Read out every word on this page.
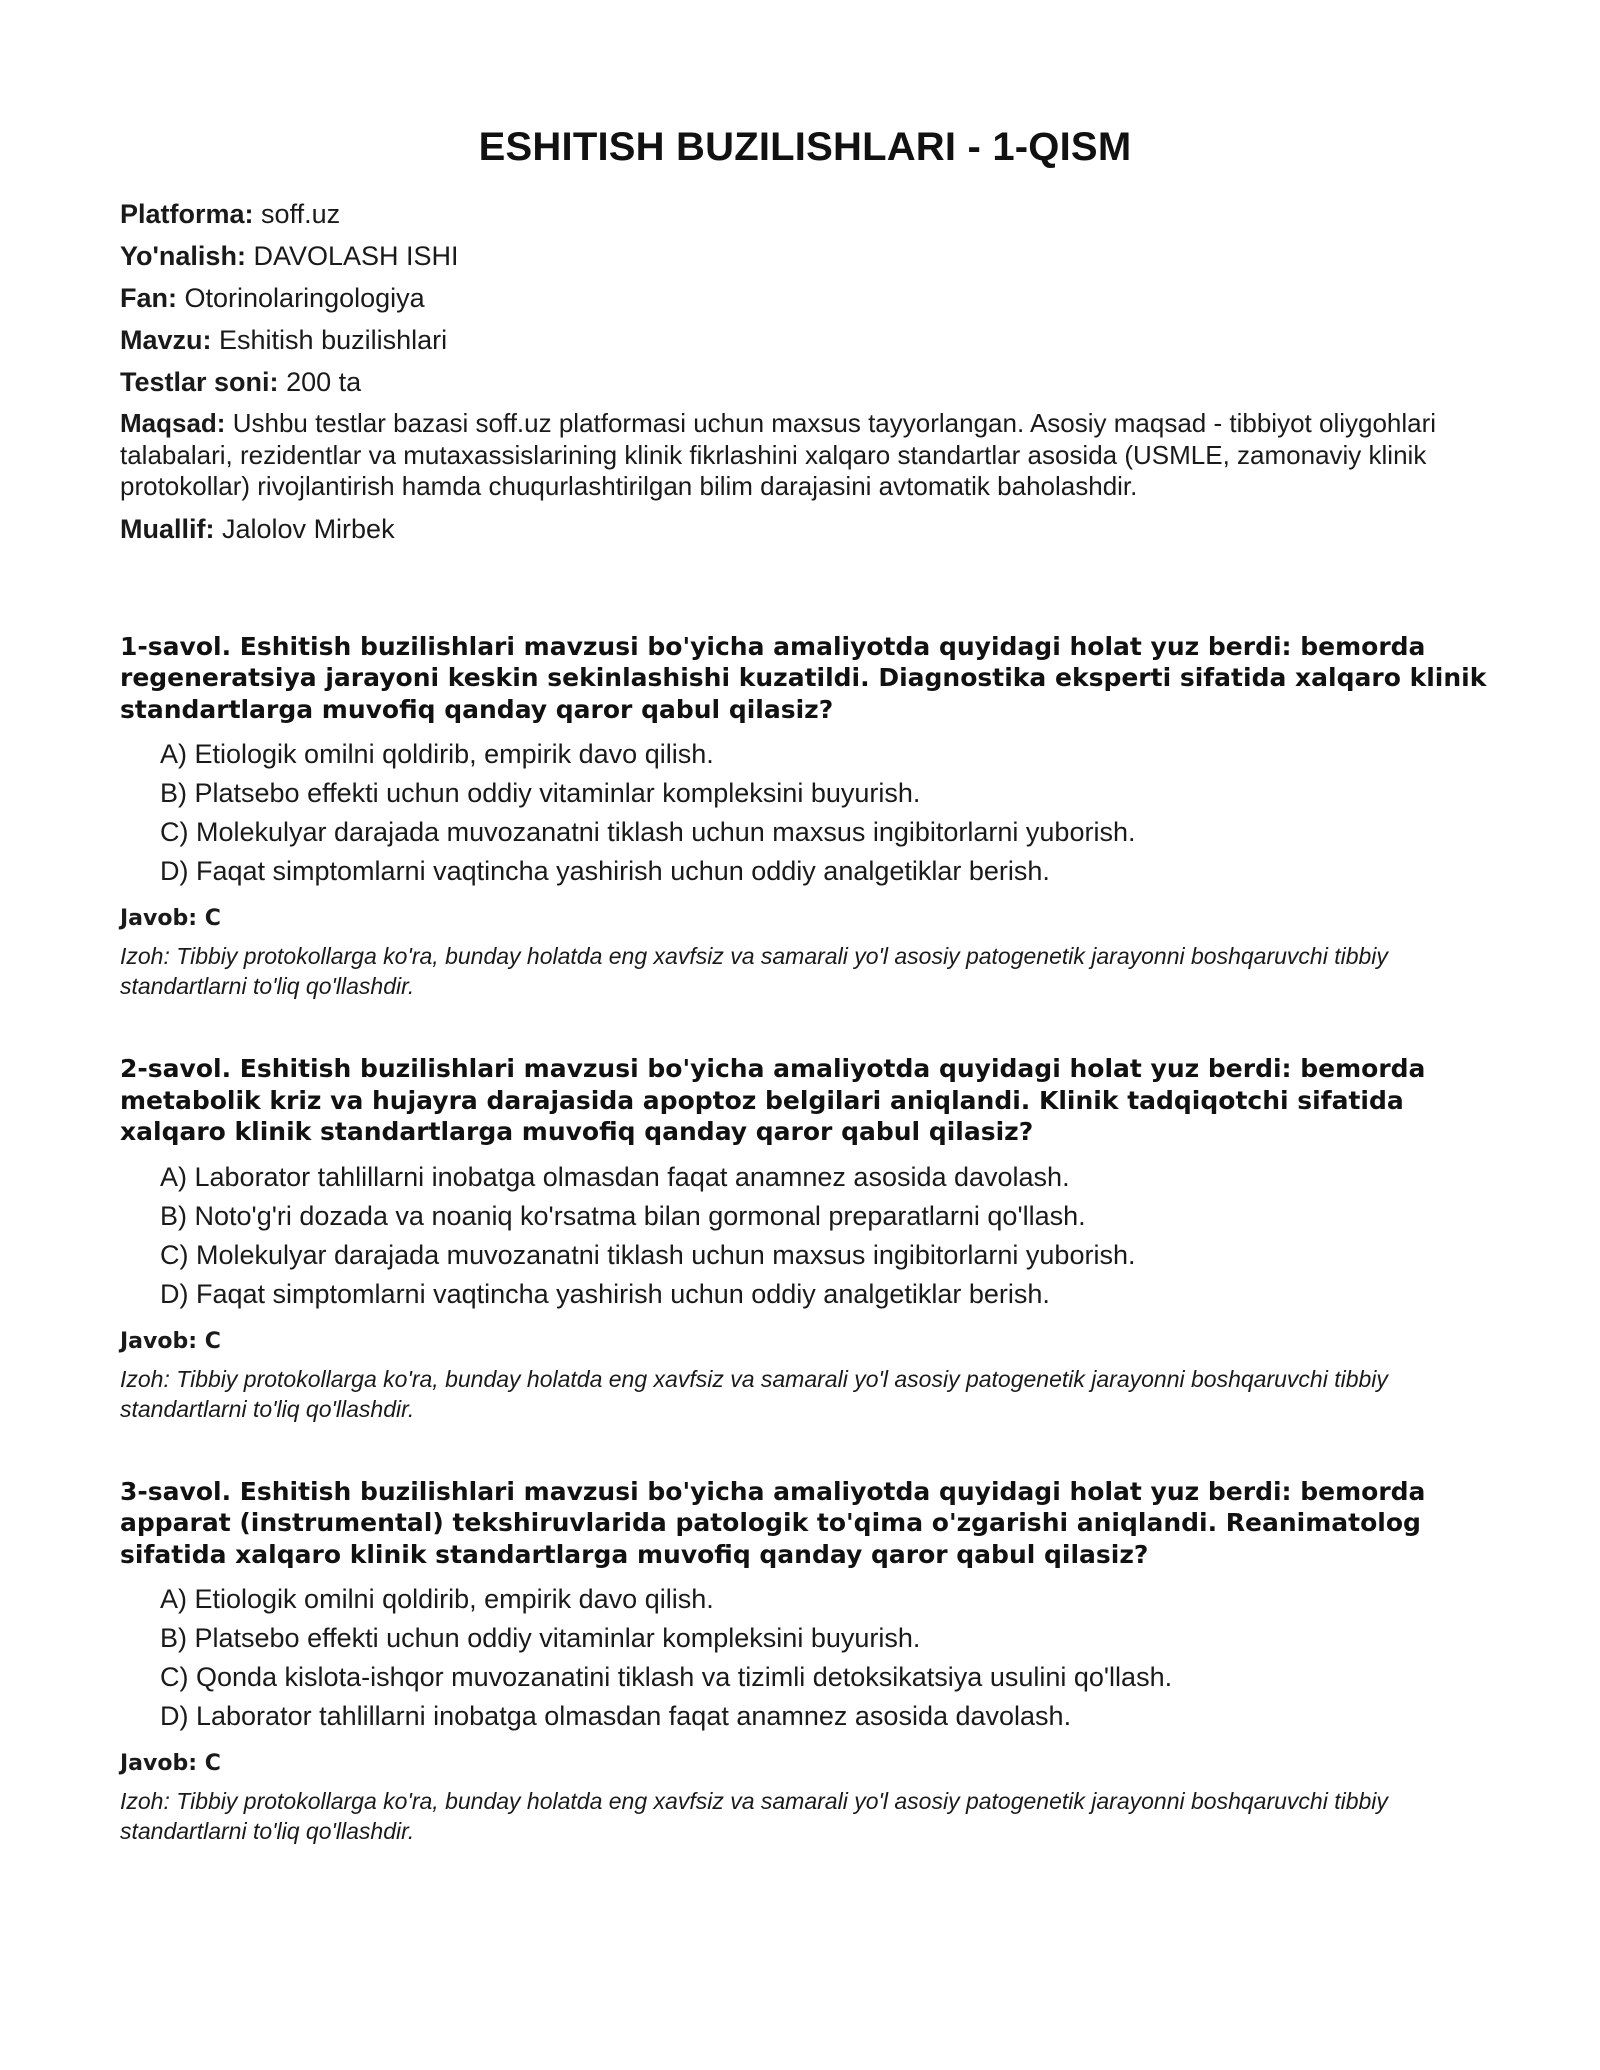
ESHITISH BUZILISHLARI - 1-QISM
Platforma: soff.uz
Yo'nalish: DAVOLASH ISHI
Fan: Otorinolaringologiya
Mavzu: Eshitish buzilishlari
Testlar soni: 200 ta
Maqsad: Ushbu testlar bazasi soff.uz platformasi uchun maxsus tayyorlangan. Asosiy maqsad - tibbiyot oliygohlari talabalari, rezidentlar va mutaxassislarining klinik fikrlashini xalqaro standartlar asosida (USMLE, zamonaviy klinik protokollar) rivojlantirish hamda chuqurlashtirilgan bilim darajasini avtomatik baholashdir.
Muallif: Jalolov Mirbek
1-savol. Eshitish buzilishlari mavzusi bo'yicha amaliyotda quyidagi holat yuz berdi: bemorda regeneratsiya jarayoni keskin sekinlashishi kuzatildi. Diagnostika eksperti sifatida xalqaro klinik standartlarga muvofiq qanday qaror qabul qilasiz?
A) Etiologik omilni qoldirib, empirik davo qilish.
B) Platsebo effekti uchun oddiy vitaminlar kompleksini buyurish.
C) Molekulyar darajada muvozanatni tiklash uchun maxsus ingibitorlarni yuborish.
D) Faqat simptomlarni vaqtincha yashirish uchun oddiy analgetiklar berish.
Javob: C
Izoh: Tibbiy protokollarga ko'ra, bunday holatda eng xavfsiz va samarali yo'l asosiy patogenetik jarayonni boshqaruvchi tibbiy standartlarni to'liq qo'llashdir.
2-savol. Eshitish buzilishlari mavzusi bo'yicha amaliyotda quyidagi holat yuz berdi: bemorda metabolik kriz va hujayra darajasida apoptoz belgilari aniqlandi. Klinik tadqiqotchi sifatida xalqaro klinik standartlarga muvofiq qanday qaror qabul qilasiz?
A) Laborator tahlillarni inobatga olmasdan faqat anamnez asosida davolash.
B) Noto'g'ri dozada va noaniq ko'rsatma bilan gormonal preparatlarni qo'llash.
C) Molekulyar darajada muvozanatni tiklash uchun maxsus ingibitorlarni yuborish.
D) Faqat simptomlarni vaqtincha yashirish uchun oddiy analgetiklar berish.
Javob: C
Izoh: Tibbiy protokollarga ko'ra, bunday holatda eng xavfsiz va samarali yo'l asosiy patogenetik jarayonni boshqaruvchi tibbiy standartlarni to'liq qo'llashdir.
3-savol. Eshitish buzilishlari mavzusi bo'yicha amaliyotda quyidagi holat yuz berdi: bemorda apparat (instrumental) tekshiruvlarida patologik to'qima o'zgarishi aniqlandi. Reanimatolog sifatida xalqaro klinik standartlarga muvofiq qanday qaror qabul qilasiz?
A) Etiologik omilni qoldirib, empirik davo qilish.
B) Platsebo effekti uchun oddiy vitaminlar kompleksini buyurish.
C) Qonda kislota-ishqor muvozanatini tiklash va tizimli detoksikatsiya usulini qo'llash.
D) Laborator tahlillarni inobatga olmasdan faqat anamnez asosida davolash.
Javob: C
Izoh: Tibbiy protokollarga ko'ra, bunday holatda eng xavfsiz va samarali yo'l asosiy patogenetik jarayonni boshqaruvchi tibbiy standartlarni to'liq qo'llashdir.
